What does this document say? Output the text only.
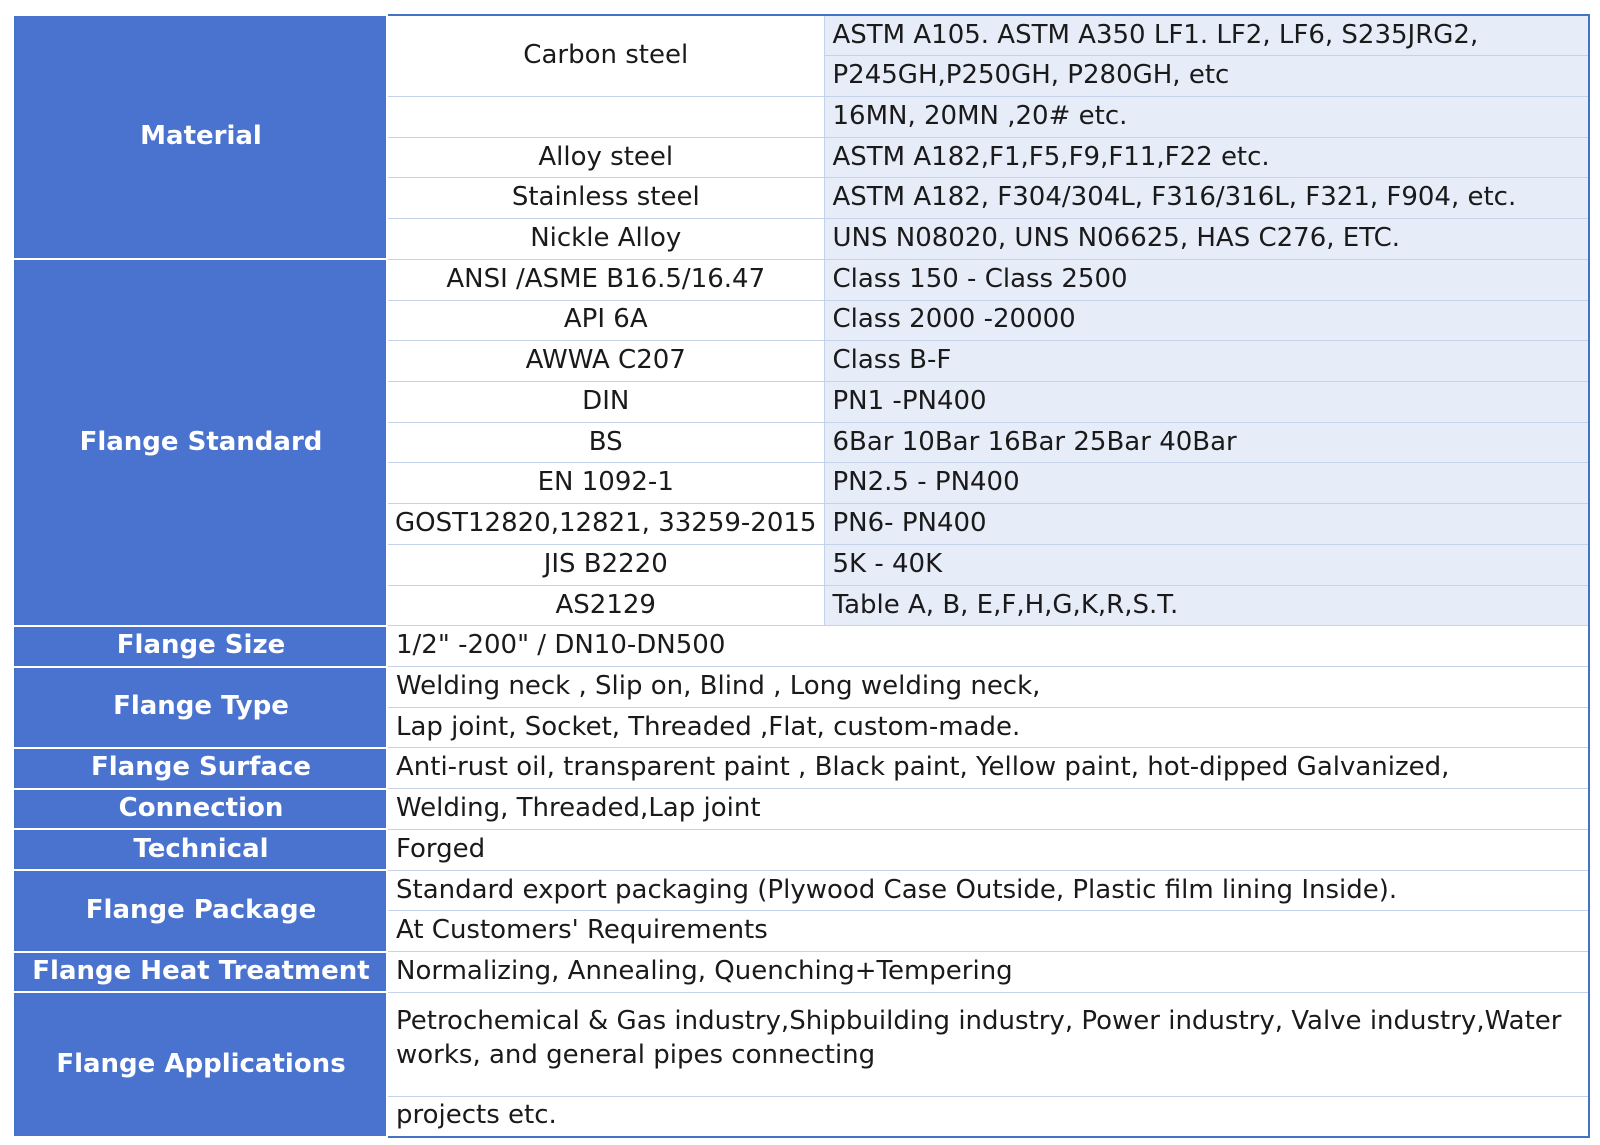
Material	Carbon steel	ASTM A105. ASTM A350 LF1. LF2, LF6, S235JRG2,
		P245GH,P250GH, P280GH, etc
		16MN, 20MN ,20# etc.
	Alloy steel	ASTM A182,F1,F5,F9,F11,F22 etc.
	Stainless steel	ASTM A182, F304/304L, F316/316L, F321, F904, etc.
	Nickle Alloy	UNS N08020, UNS N06625, HAS C276, ETC.
Flange Standard	ANSI /ASME B16.5/16.47	Class 150 - Class 2500
	API 6A	Class 2000 -20000
	AWWA C207	Class B-F
	DIN	PN1 -PN400
	BS	6Bar 10Bar 16Bar 25Bar 40Bar
	EN 1092-1	PN2.5 - PN400
	GOST12820,12821, 33259-2015	PN6- PN400
	JIS B2220	5K - 40K
	AS2129	Table A, B, E,F,H,G,K,R,S.T.
Flange Size	1/2" -200" / DN10-DN500	
Flange Type	Welding neck , Slip on, Blind , Long welding neck,	
	Lap joint, Socket, Threaded ,Flat, custom-made.	
Flange Surface	Anti-rust oil, transparent paint , Black paint, Yellow paint, hot-dipped Galvanized,	
Connection	Welding, Threaded,Lap joint	
Technical	Forged	
Flange Package	Standard export packaging (Plywood Case Outside, Plastic film lining Inside).	
	At Customers' Requirements	
Flange Heat Treatment	Normalizing, Annealing, Quenching+Tempering	
Flange Applications	Petrochemical & Gas industry,Shipbuilding industry, Power industry, Valve industry,Water works, and general pipes connecting	
	projects etc.	
